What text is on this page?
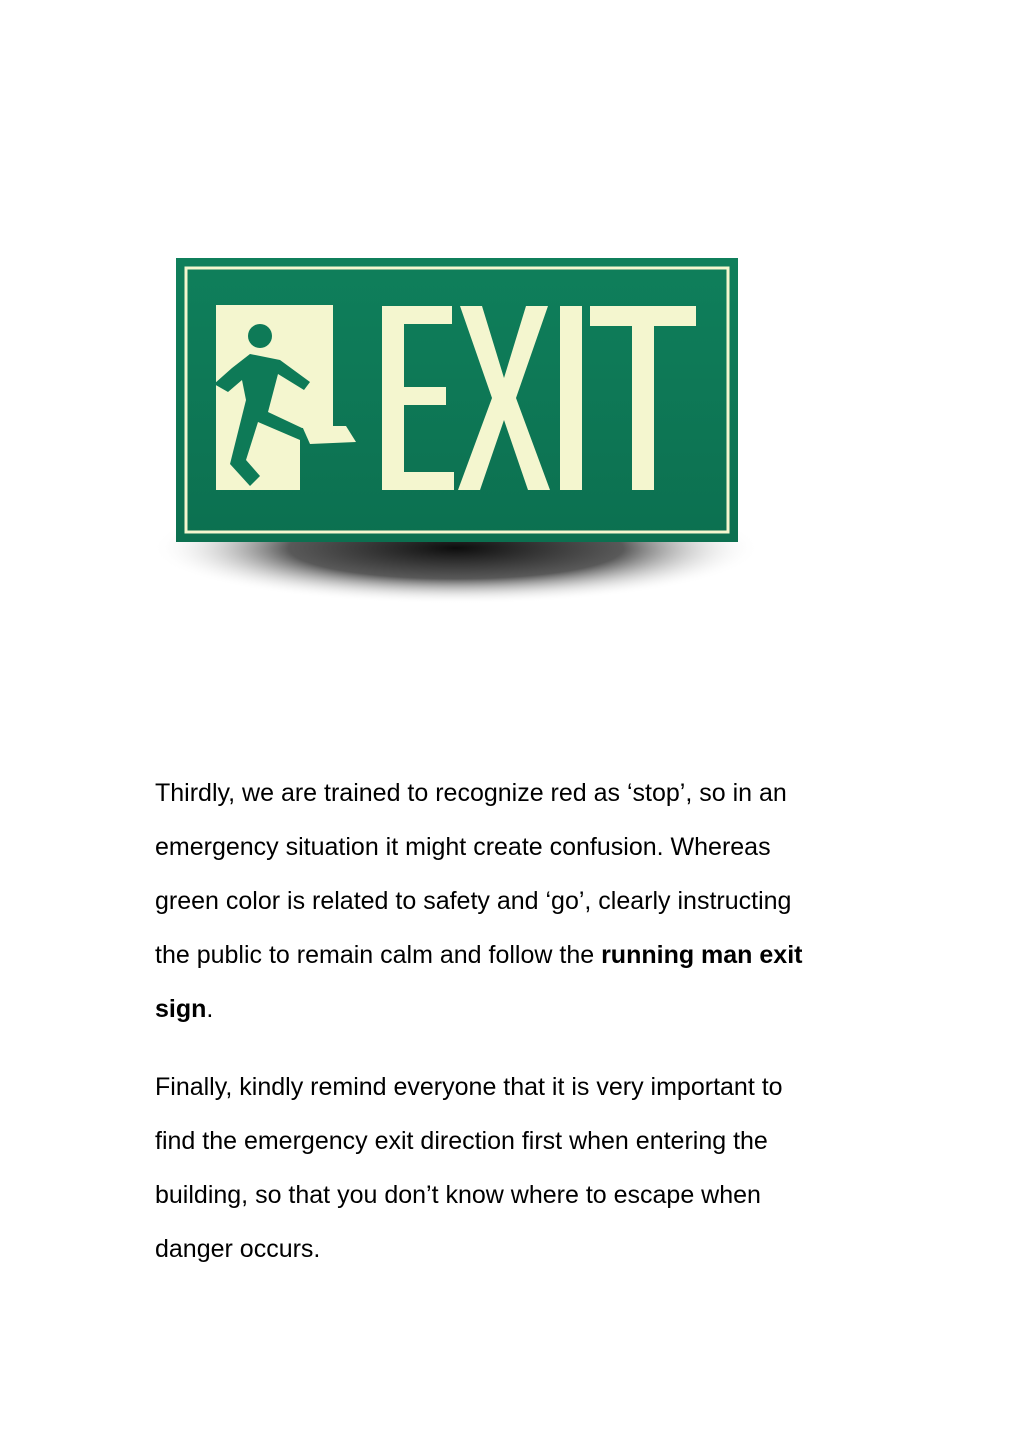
Thirdly, we are trained to recognize red as ‘stop’, so in an
emergency situation it might create confusion. Whereas
green color is related to safety and ‘go’, clearly instructing
the public to remain calm and follow the running man exit
sign.

Finally, kindly remind everyone that it is very important to
find the emergency exit direction first when entering the
building, so that you don’t know where to escape when
danger occurs.
